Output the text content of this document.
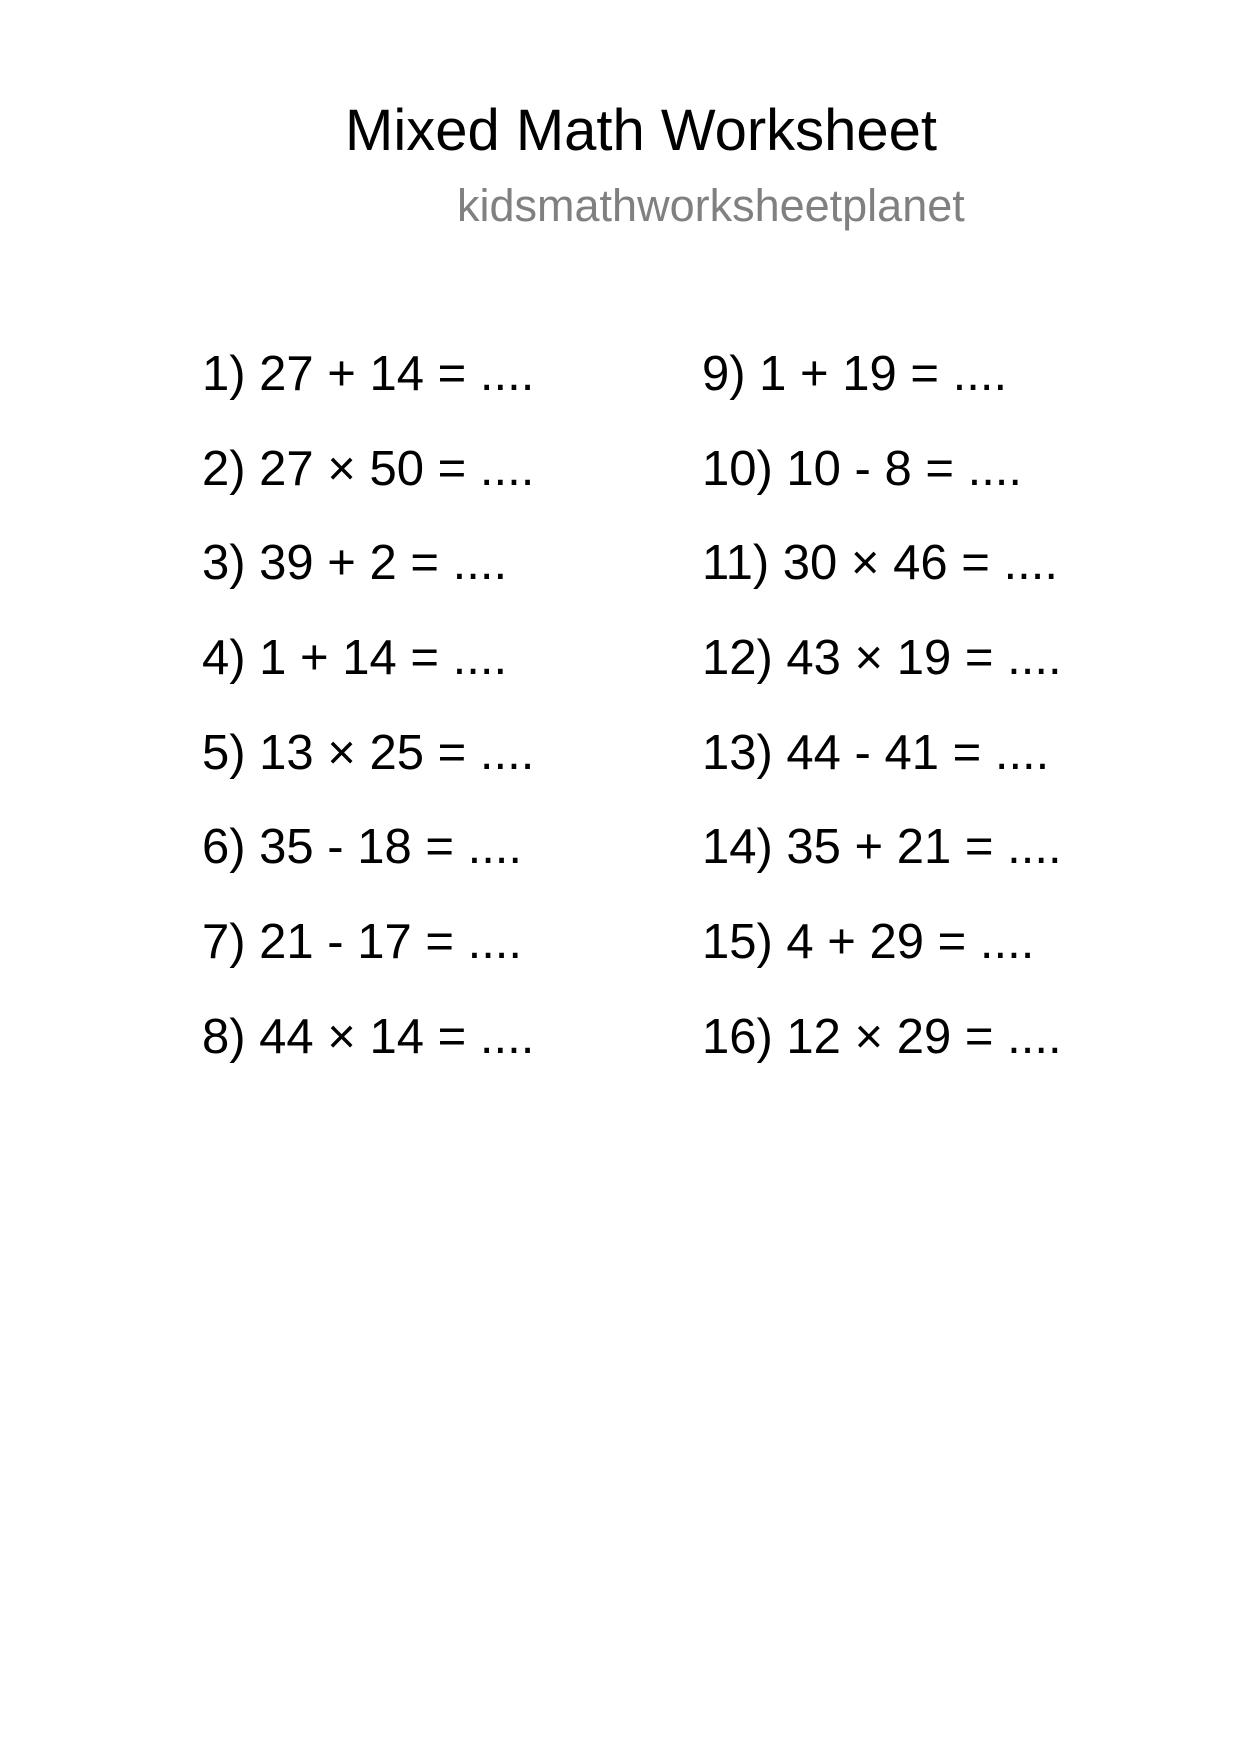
Mixed Math Worksheet
kidsmathworksheetplanet
1) 27 + 14 = ....
2) 27 × 50 = ....
3) 39 + 2 = ....
4) 1 + 14 = ....
5) 13 × 25 = ....
6) 35 - 18 = ....
7) 21 - 17 = ....
8) 44 × 14 = ....
9) 1 + 19 = ....
10) 10 - 8 = ....
11) 30 × 46 = ....
12) 43 × 19 = ....
13) 44 - 41 = ....
14) 35 + 21 = ....
15) 4 + 29 = ....
16) 12 × 29 = ....
